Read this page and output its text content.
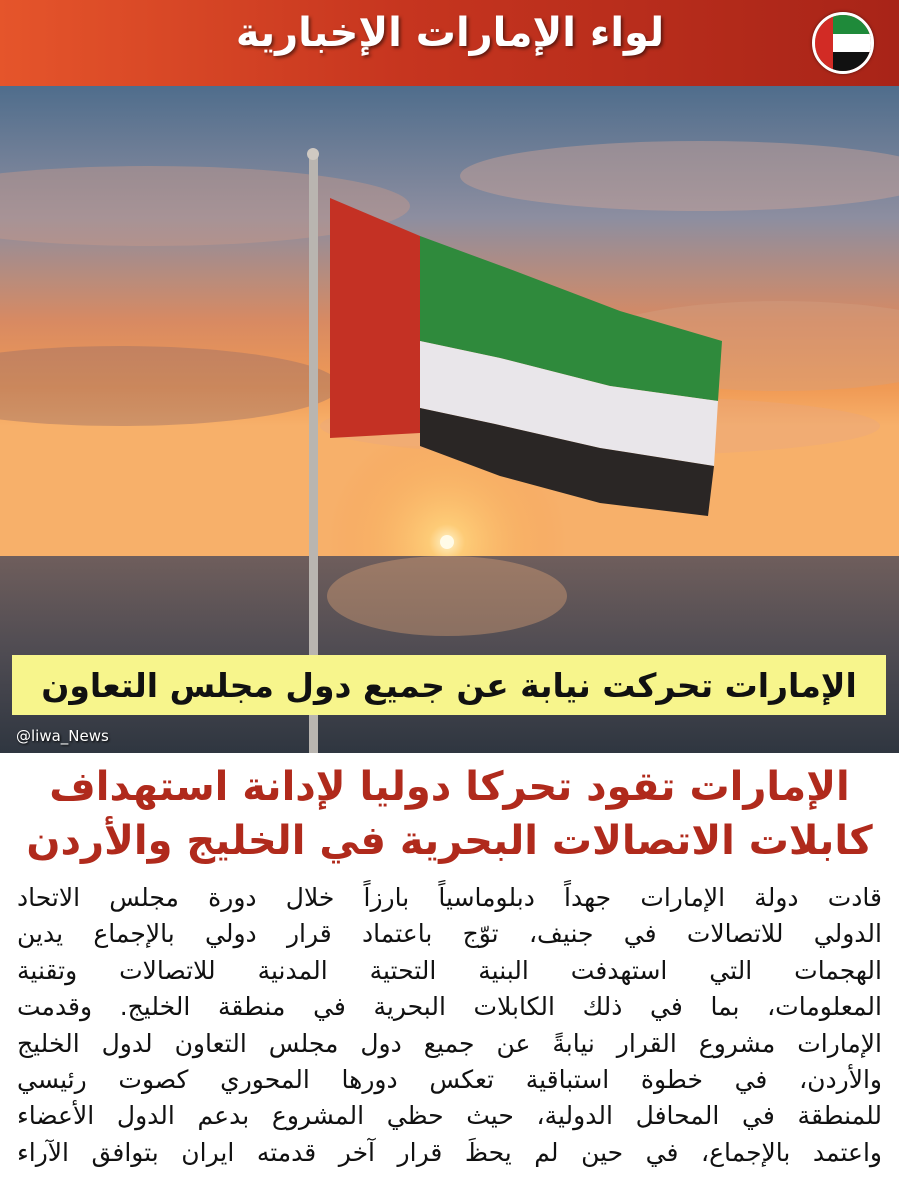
لواء الإمارات الإخبارية
الإمارات تحركت نيابة عن جميع دول مجلس التعاون
@liwa_News
الإمارات تقود تحركا دوليا لإدانة استهداف
كابلات الاتصالات البحرية في الخليج والأردن
قادت دولة الإمارات جهداً دبلوماسياً بارزاً خلال دورة مجلس الاتحاد
الدولي للاتصالات في جنيف، توّج باعتماد قرار دولي بالإجماع يدين
الهجمات التي استهدفت البنية التحتية المدنية للاتصالات وتقنية
المعلومات، بما في ذلك الكابلات البحرية في منطقة الخليج. وقدمت
الإمارات مشروع القرار نيابةً عن جميع دول مجلس التعاون لدول الخليج
والأردن، في خطوة استباقية تعكس دورها المحوري كصوت رئيسي
للمنطقة في المحافل الدولية، حيث حظي المشروع بدعم الدول الأعضاء
واعتمد بالإجماع، في حين لم يحظَ قرار آخر قدمته ايران بتوافق الآراء
